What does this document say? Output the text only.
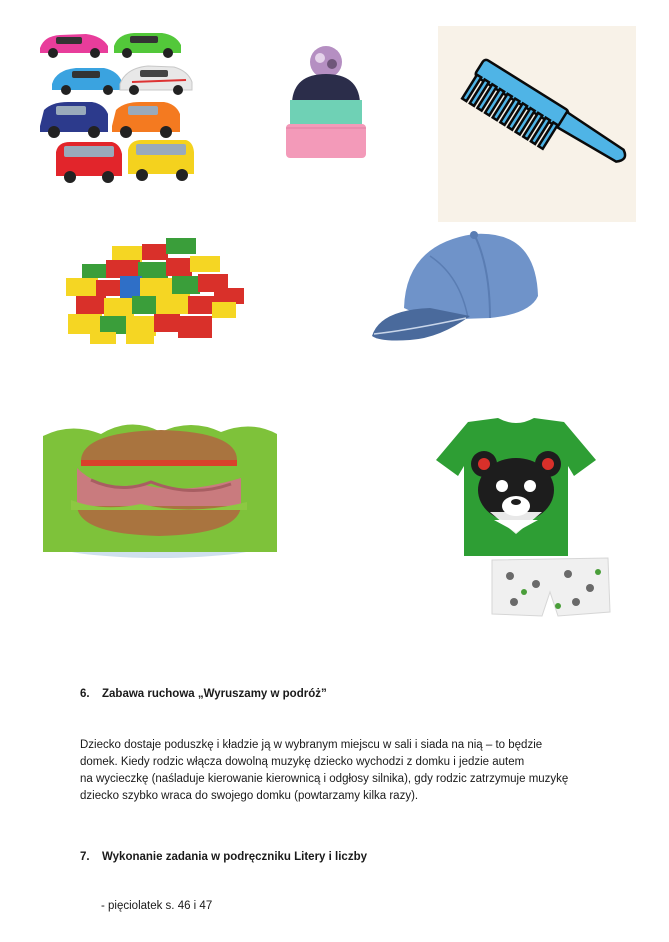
6. Zabawa ruchowa „Wyruszamy w podróż”

Dziecko dostaje poduszkę i kładzie ją w wybranym miejscu w sali i siada na nią – to będzie
domek. Kiedy rodzic włącza dowolną muzykę dziecko wychodzi z domku i jedzie autem
na wycieczkę (naśladuje kierowanie kierownicą i odgłosy silnika), gdy rodzic zatrzymuje muzykę
dziecko szybko wraca do swojego domku (powtarzamy kilka razy).

7. Wykonanie zadania w podręczniku Litery i liczby

- pięciolatek s. 46 i 47
